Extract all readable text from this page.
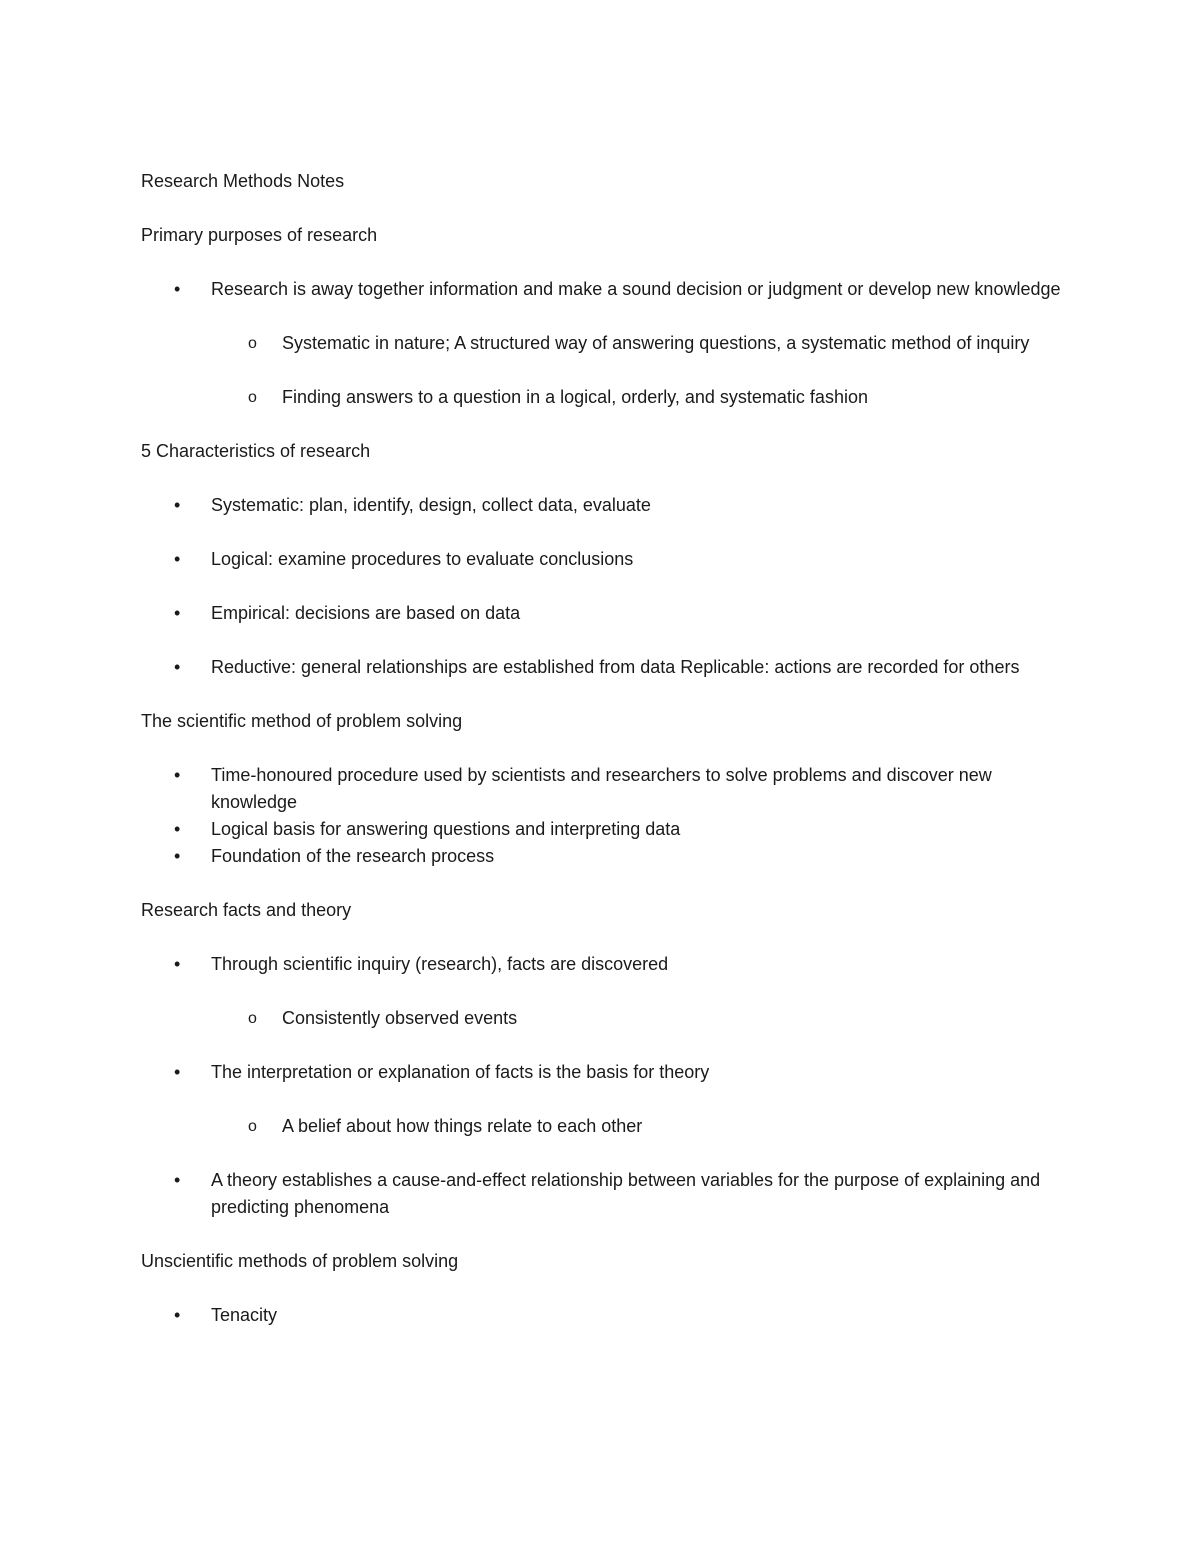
Research Methods Notes

Primary purposes of research

• Research is away together information and make a sound decision or judgment or develop new knowledge
o Systematic in nature; A structured way of answering questions, a systematic method of inquiry
o Finding answers to a question in a logical, orderly, and systematic fashion

5 Characteristics of research

• Systematic: plan, identify, design, collect data, evaluate
• Logical: examine procedures to evaluate conclusions
• Empirical: decisions are based on data
• Reductive: general relationships are established from data Replicable: actions are recorded for others

The scientific method of problem solving

• Time-honoured procedure used by scientists and researchers to solve problems and discover new knowledge
• Logical basis for answering questions and interpreting data
• Foundation of the research process

Research facts and theory

• Through scientific inquiry (research), facts are discovered
o Consistently observed events
• The interpretation or explanation of facts is the basis for theory
o A belief about how things relate to each other
• A theory establishes a cause-and-effect relationship between variables for the purpose of explaining and predicting phenomena

Unscientific methods of problem solving

• Tenacity
